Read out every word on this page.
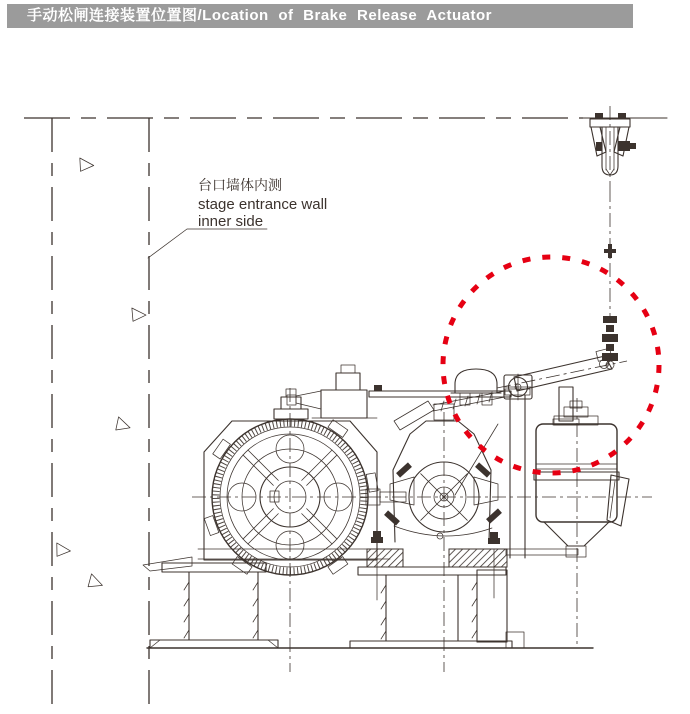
手动松闸连接装置位置图/Location of Brake Release Actuator
台口墙体内测
stage entrance wall
inner side
